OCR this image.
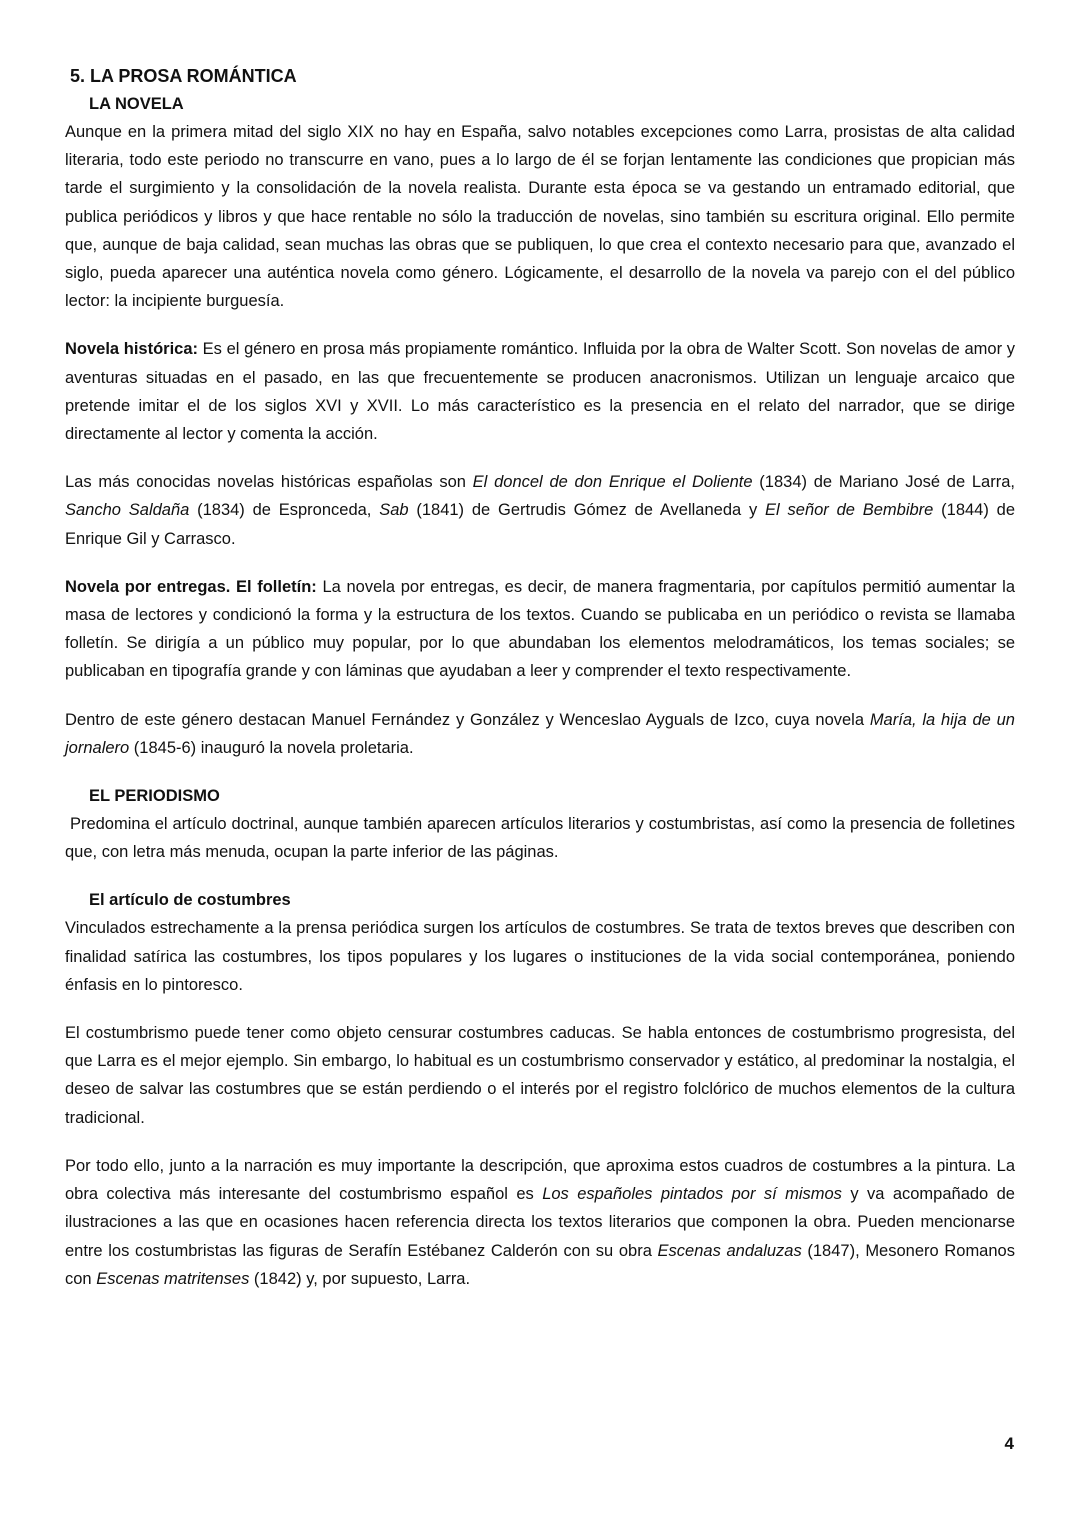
5. LA PROSA ROMÁNTICA
LA NOVELA

Aunque en la primera mitad del siglo XIX no hay en España, salvo notables excepciones como Larra, prosistas de alta calidad literaria, todo este periodo no transcurre en vano, pues a lo largo de él se forjan lentamente las condiciones que propician más tarde el surgimiento y la consolidación de la novela realista. Durante esta época se va gestando un entramado editorial, que publica periódicos y libros y que hace rentable no sólo la traducción de novelas, sino también su escritura original. Ello permite que, aunque de baja calidad, sean muchas las obras que se publiquen, lo que crea el contexto necesario para que, avanzado el siglo, pueda aparecer una auténtica novela como género. Lógicamente, el desarrollo de la novela va parejo con el del público lector: la incipiente burguesía.

Novela histórica: Es el género en prosa más propiamente romántico. Influida por la obra de Walter Scott. Son novelas de amor y aventuras situadas en el pasado, en las que frecuentemente se producen anacronismos. Utilizan un lenguaje arcaico que pretende imitar el de los siglos XVI y XVII. Lo más característico es la presencia en el relato del narrador, que se dirige directamente al lector y comenta la acción.

Las más conocidas novelas históricas españolas son El doncel de don Enrique el Doliente (1834) de Mariano José de Larra, Sancho Saldaña (1834) de Espronceda, Sab (1841) de Gertrudis Gómez de Avellaneda y El señor de Bembibre (1844) de Enrique Gil y Carrasco.

Novela por entregas. El folletín: La novela por entregas, es decir, de manera fragmentaria, por capítulos permitió aumentar la masa de lectores y condicionó la forma y la estructura de los textos. Cuando se publicaba en un periódico o revista se llamaba folletín. Se dirigía a un público muy popular, por lo que abundaban los elementos melodramáticos, los temas sociales; se publicaban en tipografía grande y con láminas que ayudaban a leer y comprender el texto respectivamente.

Dentro de este género destacan Manuel Fernández y González y Wenceslao Ayguals de Izco, cuya novela María, la hija de un jornalero (1845-6) inauguró la novela proletaria.

EL PERIODISMO

Predomina el artículo doctrinal, aunque también aparecen artículos literarios y costumbristas, así como la presencia de folletines que, con letra más menuda, ocupan la parte inferior de las páginas.

El artículo de costumbres

Vinculados estrechamente a la prensa periódica surgen los artículos de costumbres. Se trata de textos breves que describen con finalidad satírica las costumbres, los tipos populares y los lugares o instituciones de la vida social contemporánea, poniendo énfasis en lo pintoresco.

El costumbrismo puede tener como objeto censurar costumbres caducas. Se habla entonces de costumbrismo progresista, del que Larra es el mejor ejemplo. Sin embargo, lo habitual es un costumbrismo conservador y estático, al predominar la nostalgia, el deseo de salvar las costumbres que se están perdiendo o el interés por el registro folclórico de muchos elementos de la cultura tradicional.

Por todo ello, junto a la narración es muy importante la descripción, que aproxima estos cuadros de costumbres a la pintura. La obra colectiva más interesante del costumbrismo español es Los españoles pintados por sí mismos y va acompañado de ilustraciones a las que en ocasiones hacen referencia directa los textos literarios que componen la obra. Pueden mencionarse entre los costumbristas las figuras de Serafín Estébanez Calderón con su obra Escenas andaluzas (1847), Mesonero Romanos con Escenas matritenses (1842) y, por supuesto, Larra.

4
